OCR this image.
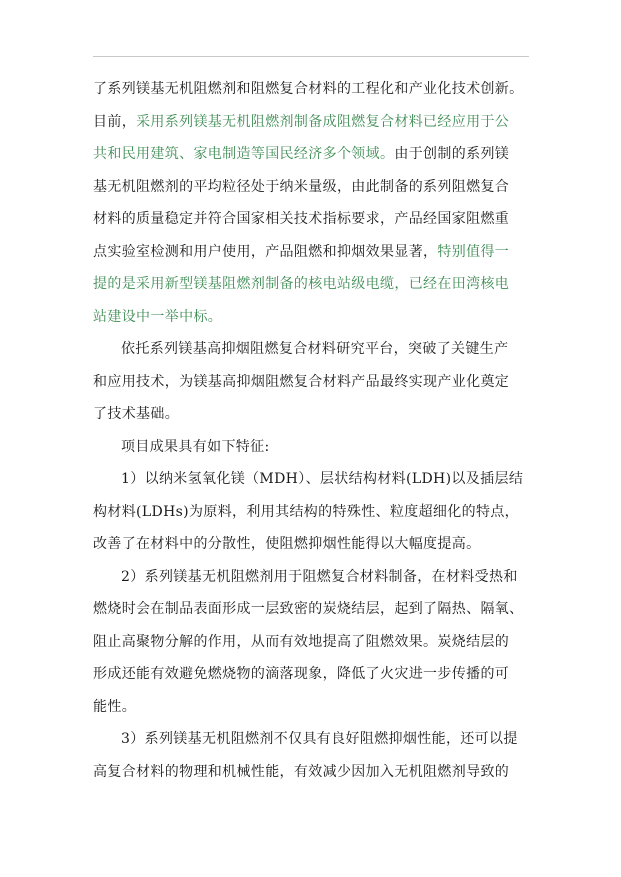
了系列镁基无机阻燃剂和阻燃复合材料的工程化和产业化技术创新。
目前，采用系列镁基无机阻燃剂制备成阻燃复合材料已经应用于公
共和民用建筑、家电制造等国民经济多个领域。由于创制的系列镁
基无机阻燃剂的平均粒径处于纳米量级，由此制备的系列阻燃复合
材料的质量稳定并符合国家相关技术指标要求，产品经国家阻燃重
点实验室检测和用户使用，产品阻燃和抑烟效果显著，特别值得一
提的是采用新型镁基阻燃剂制备的核电站级电缆，已经在田湾核电
站建设中一举中标。
依托系列镁基高抑烟阻燃复合材料研究平台，突破了关键生产
和应用技术，为镁基高抑烟阻燃复合材料产品最终实现产业化奠定
了技术基础。
项目成果具有如下特征:
1）以纳米氢氧化镁（MDH）、层状结构材料(LDH)以及插层结
构材料(LDHs)为原料，利用其结构的特殊性、粒度超细化的特点，
改善了在材料中的分散性，使阻燃抑烟性能得以大幅度提高。
2）系列镁基无机阻燃剂用于阻燃复合材料制备，在材料受热和
燃烧时会在制品表面形成一层致密的炭烧结层，起到了隔热、隔氧、
阻止高聚物分解的作用，从而有效地提高了阻燃效果。炭烧结层的
形成还能有效避免燃烧物的滴落现象，降低了火灾进一步传播的可
能性。
3）系列镁基无机阻燃剂不仅具有良好阻燃抑烟性能，还可以提
高复合材料的物理和机械性能，有效减少因加入无机阻燃剂导致的
